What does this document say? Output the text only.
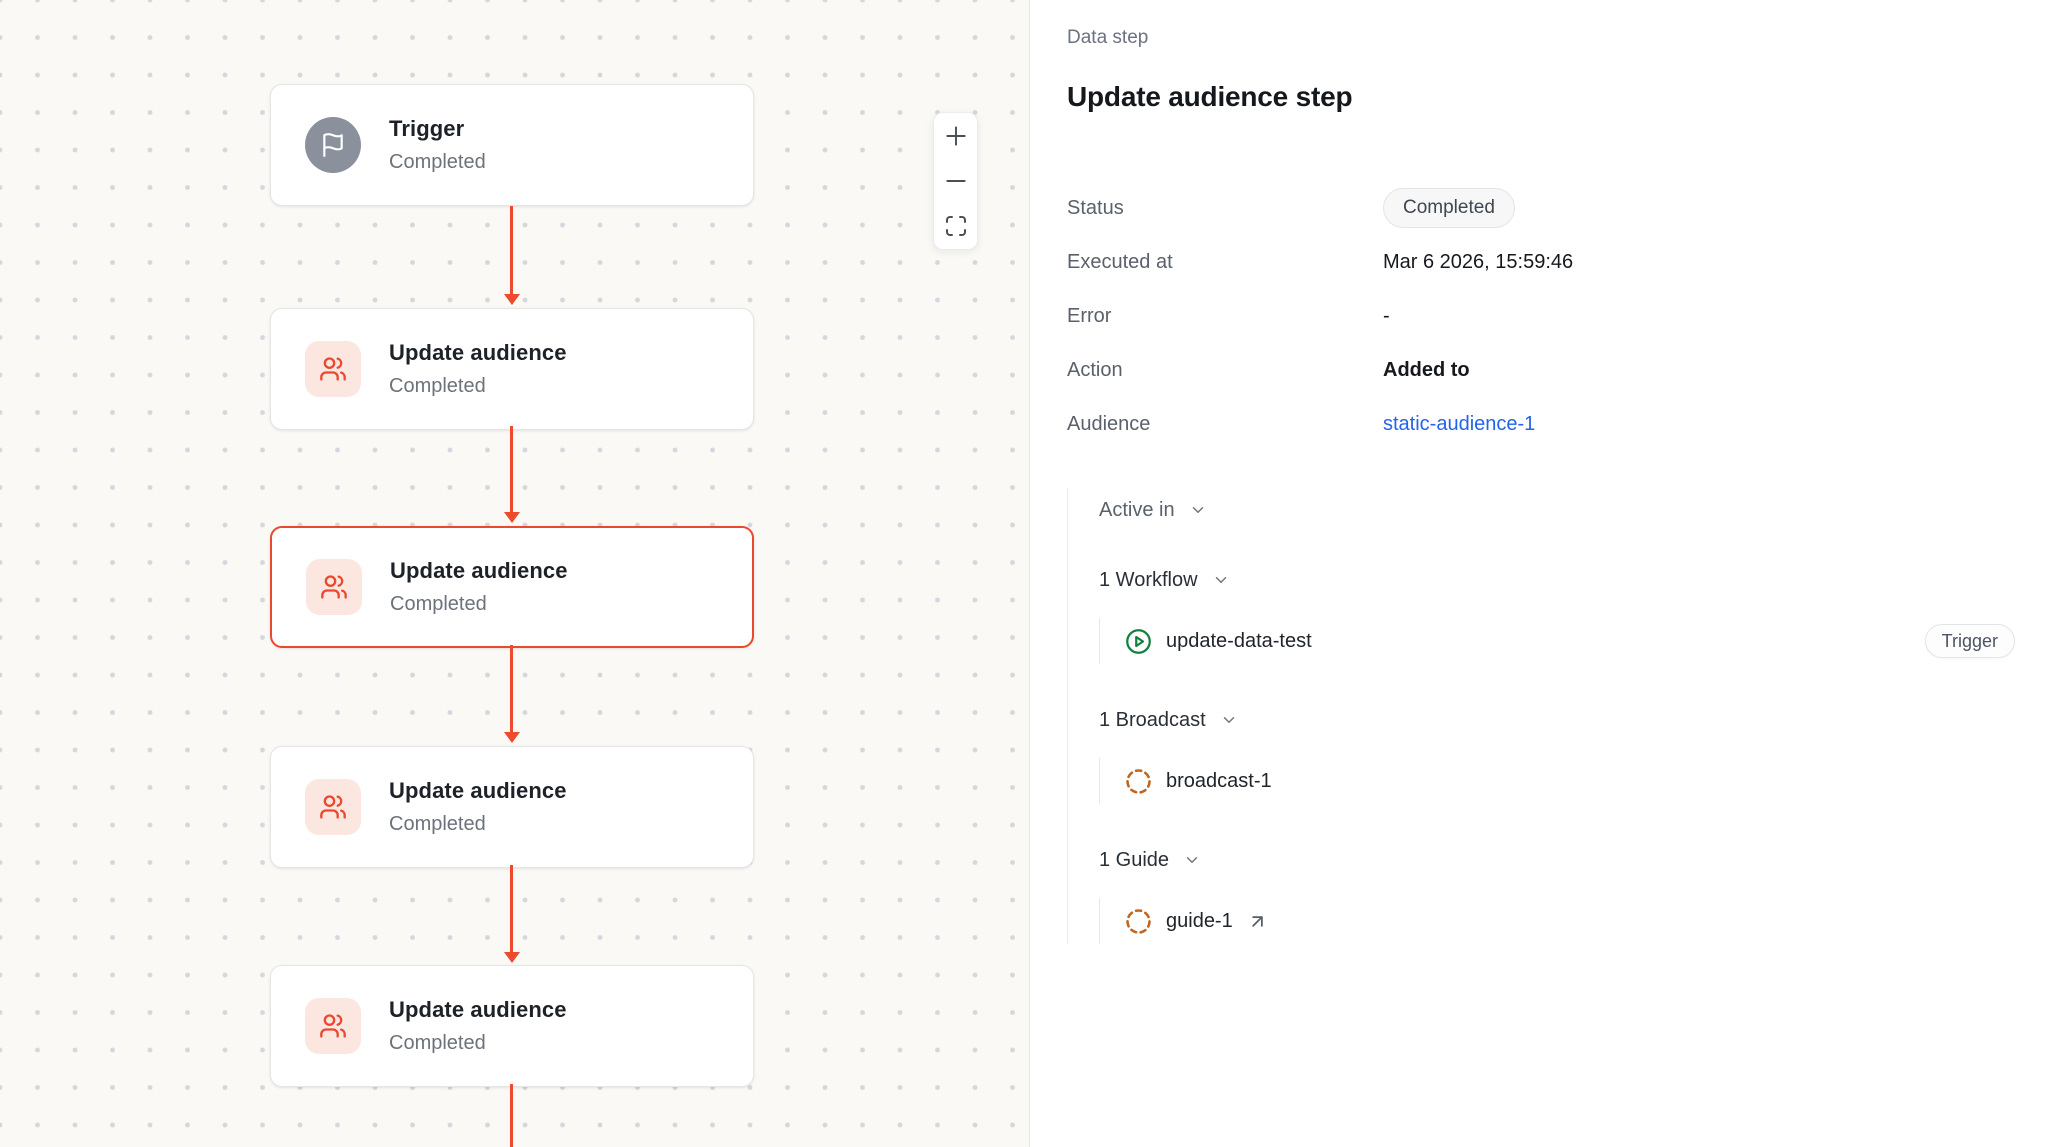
Trigger
Completed
Update audience
Completed
Update audience
Completed
Update audience
Completed
Update audience
Completed
Data step
Update audience step
Status	Completed
Executed at	Mar 6 2026, 15:59:46
Error	-
Action	Added to
Audience	static-audience-1
Active in
1 Workflow
update-data-test	Trigger
1 Broadcast
broadcast-1
1 Guide
guide-1
